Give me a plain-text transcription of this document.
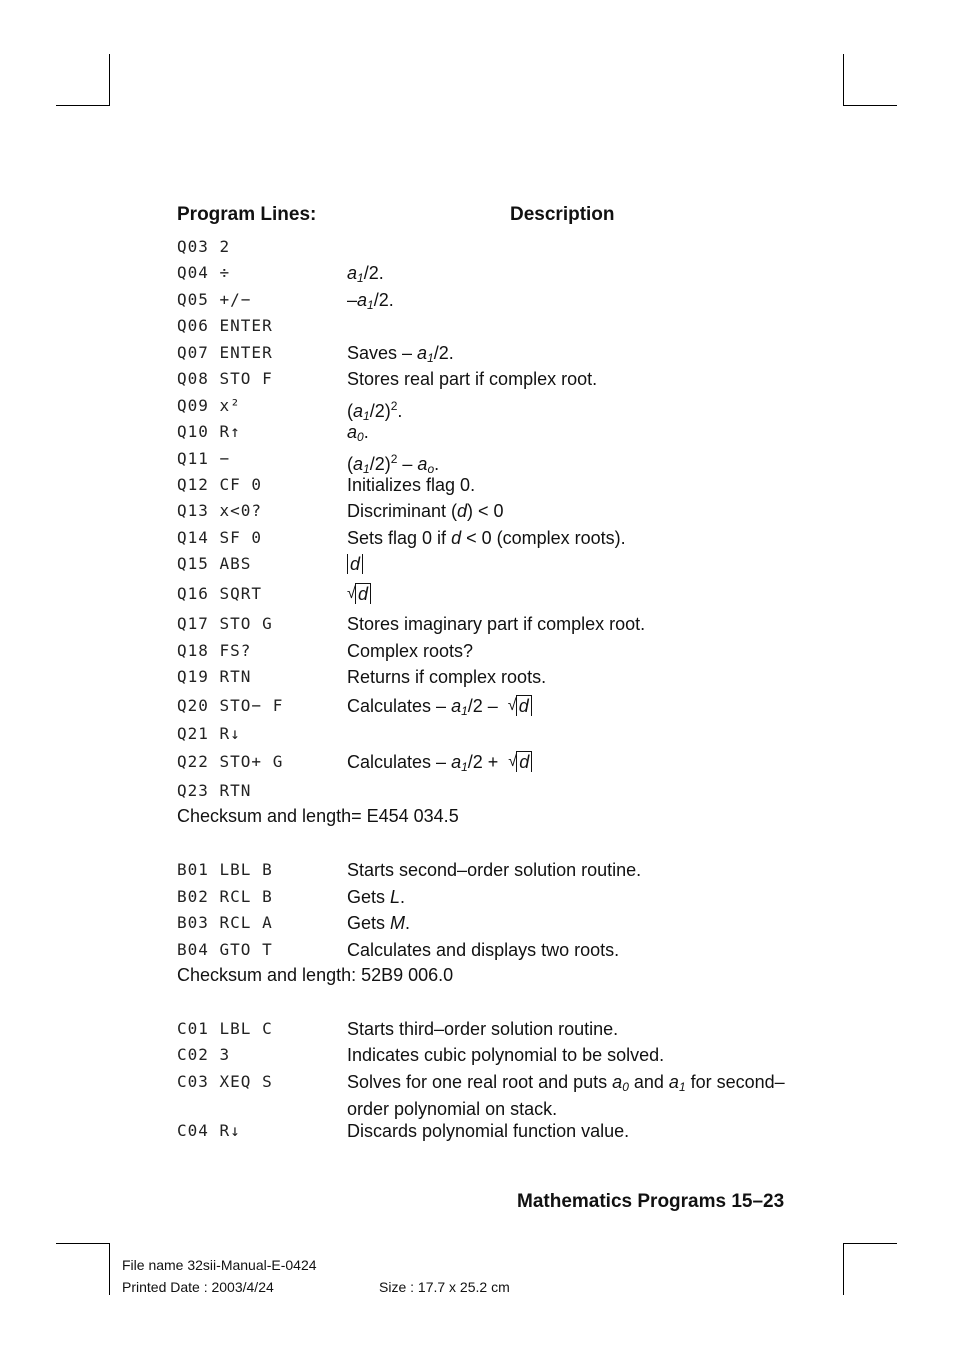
Program Lines:	Description
Q03 2
Q04 ÷	$a_1/2$.
Q05 +/−	$-a_1/2$.
Q06 ENTER
Q07 ENTER	Saves – $a_1/2$.
Q08 STO F	Stores real part if complex root.
Q09 x²	$(a_1/2)^2$.
Q10 R↑	$a_0$.
Q11 −	$(a_1/2)^2 - a_o$.
Q12 CF 0	Initializes flag 0.
Q13 x<0?	Discriminant (d) < 0
Q14 SF 0	Sets flag 0 if d < 0 (complex roots).
Q15 ABS	d
Q16 SQRT	√ d
Q17 STO G	Stores imaginary part if complex root.
Q18 FS?	Complex roots?
Q19 RTN	Returns if complex roots.
Q20 STO− F	Calculates – $a_1/2$ – √ d
Q21 R↓
Q22 STO+ G	Calculates – $a_1/2$ + √ d
Q23 RTN
B01 LBL B	Starts second–order solution routine.
B02 RCL B	Gets L.
B03 RCL A	Gets M.
B04 GTO T	Calculates and displays two roots.
C01 LBL C	Starts third–order solution routine.
C02 3	Indicates cubic polynomial to be solved.
C03 XEQ S	Solves for one real root and puts $a_0$ and $a_1$ for second–order polynomial on stack.
C04 R↓	Discards polynomial function value.
Checksum and length= E454 034.5
Checksum and length: 52B9 006.0
Mathematics Programs 15–23
File name 32sii-Manual-E-0424
Printed Date : 2003/4/24	Size : 17.7 x 25.2 cm
